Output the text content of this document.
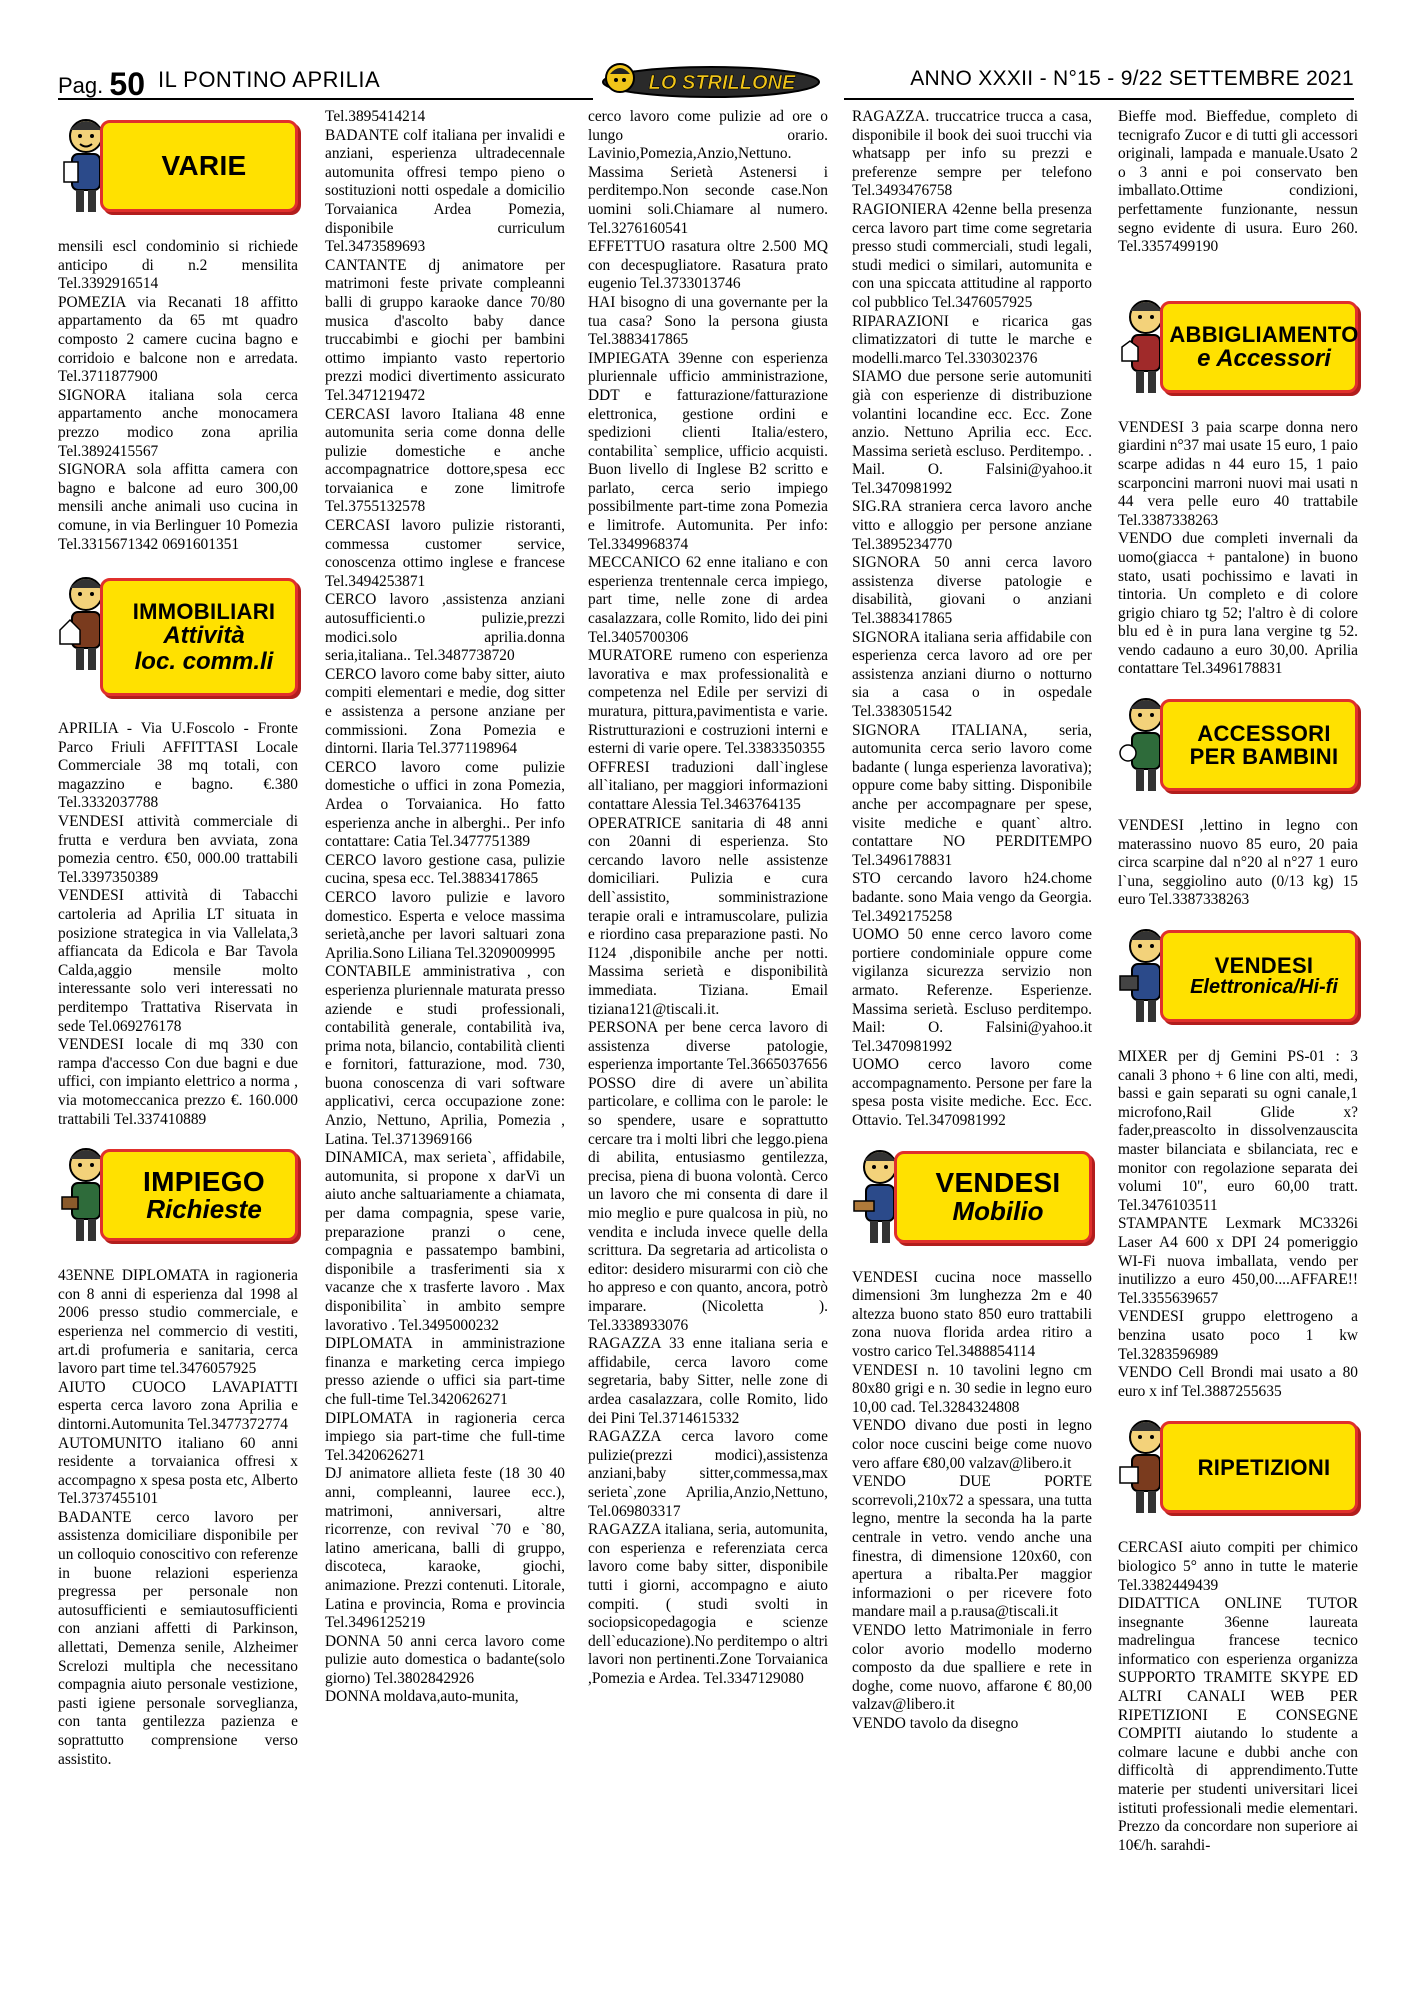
Pag. 50 IL PONTINO APRILIA	ANNO XXXII - N°15 - 9/22 SETTEMBRE 2021
LO STRILLONE
VARIE

mensili escl condominio si richiede anticipo di n.2 mensilita Tel.3392916514

POMEZIA via Recanati 18 affitto appartamento da 65 mt quadro composto 2 camere cucina bagno e corridoio e balcone non e arredata. Tel.3711877900

SIGNORA italiana sola cerca appartamento anche monocamera prezzo modico zona aprilia Tel.3892415567

SIGNORA sola affitta camera con bagno e balcone ad euro 300,00 mensili anche animali uso cucina in comune, in via Berlinguer 10 Pomezia Tel.3315671342 0691601351

IMMOBILIARI
Attività
loc. comm.li

APRILIA - Via U.Foscolo - Fronte Parco Friuli AFFITTASI Locale Commerciale 38 mq totali, con magazzino e bagno. €.380 Tel.3332037788

VENDESI attività commerciale di frutta e verdura ben avviata, zona pomezia centro. €50, 000.00 trattabili Tel.3397350389

VENDESI attività di Tabacchi cartoleria ad Aprilia LT situata in posizione strategica in via Vallelata,3 affiancata da Edicola e Bar Tavola Calda,aggio mensile molto interessante solo veri interessati no perditempo Trattativa Riservata in sede Tel.069276178

VENDESI locale di mq 330 con rampa d'accesso Con due bagni e due uffici, con impianto elettrico a norma , via motomeccanica prezzo €. 160.000 trattabili Tel.337410889

IMPIEGO
Richieste

43ENNE DIPLOMATA in ragioneria con 8 anni di esperienza dal 1998 al 2006 presso studio commerciale, e esperienza nel commercio di vestiti, art.di profumeria e sanitaria, cerca lavoro part time tel.3476057925

AIUTO CUOCO LAVAPIATTI esperta cerca lavoro zona Aprilia e dintorni.Automunita Tel.3477372774

AUTOMUNITO italiano 60 anni residente a torvaianica offresi x accompagno x spesa posta etc, Alberto Tel.3737455101

BADANTE cerco lavoro per assistenza domiciliare disponibile per un colloquio conoscitivo con referenze in buone relazioni esperienza pregressa per personale non autosufficienti e semiautosufficienti con anziani affetti di Parkinson, allettati, Demenza senile, Alzheimer Screlozi multipla che necessitano compagnia aiuto personale vestizione, pasti igiene personale sorveglianza, con tanta gentilezza pazienza e soprattutto comprensione verso assistito.

Tel.3895414214

BADANTE colf italiana per invalidi e anziani, esperienza ultradecennale automunita offresi tempo pieno o sostituzioni notti ospedale a domicilio Torvaianica Ardea Pomezia, disponibile curriculum Tel.3473589693

CANTANTE dj animatore per matrimoni feste private compleanni balli di gruppo karaoke dance 70/80 musica d'ascolto baby dance truccabimbi e giochi per bambini ottimo impianto vasto repertorio prezzi modici divertimento assicurato Tel.3471219472

CERCASI lavoro Italiana 48 enne automunita seria come donna delle pulizie domestiche e anche accompagnatrice dottore,spesa ecc torvaianica e zone limitrofe Tel.3755132578

CERCASI lavoro pulizie ristoranti, commessa customer service, conoscenza ottimo inglese e francese Tel.3494253871

CERCO lavoro ,assistenza anziani autosufficienti.o pulizie,prezzi modici.solo aprilia.donna seria,italiana.. Tel.3487738720

CERCO lavoro come baby sitter, aiuto compiti elementari e medie, dog sitter e assistenza a persone anziane per commissioni. Zona Pomezia e dintorni. Ilaria Tel.3771198964

CERCO lavoro come pulizie domestiche o uffici in zona Pomezia, Ardea o Torvaianica. Ho fatto esperienza anche in alberghi.. Per info contattare: Catia Tel.3477751389

CERCO lavoro gestione casa, pulizie cucina, spesa ecc. Tel.3883417865

CERCO lavoro pulizie e lavoro domestico. Esperta e veloce massima serietà,anche per lavori saltuari zona Aprilia.Sono Liliana Tel.3209009995

CONTABILE amministrativa , con esperienza pluriennale maturata presso aziende e studi professionali, contabilità generale, contabilità iva, prima nota, bilancio, contabilità clienti e fornitori, fatturazione, mod. 730, buona conoscenza di vari software applicativi, cerca occupazione zone: Anzio, Nettuno, Aprilia, Pomezia , Latina. Tel.3713969166

DINAMICA, max serieta`, affidabile, automunita, si propone x darVi un aiuto anche saltuariamente a chiamata, per dama compagnia, spese varie, preparazione pranzi o cene, compagnia e passatempo bambini, disponibile a trasferimenti sia x vacanze che x trasferte lavoro . Max disponibilita` in ambito sempre lavorativo . Tel.3495000232

DIPLOMATA in amministrazione finanza e marketing cerca impiego presso aziende o uffici sia part-time che full-time Tel.3420626271

DIPLOMATA in ragioneria cerca impiego sia part-time che full-time Tel.3420626271

DJ animatore allieta feste (18 30 40 anni, compleanni, lauree ecc.), matrimoni, anniversari, altre ricorrenze, con revival `70 e `80, latino americana, balli di gruppo, discoteca, karaoke, giochi, animazione. Prezzi contenuti. Litorale, Latina e provincia, Roma e provincia Tel.3496125219

DONNA 50 anni cerca lavoro come pulizie auto domestica o badante(solo giorno) Tel.3802842926

DONNA moldava,auto-munita,

cerco lavoro come pulizie ad ore o lungo orario. Lavinio,Pomezia,Anzio,Nettuno. Massima Serietà Astenersi i perditempo.Non seconde case.Non uomini soli.Chiamare al numero. Tel.3276160541

EFFETTUO rasatura oltre 2.500 MQ con decespugliatore. Rasatura prato eugenio Tel.3733013746

HAI bisogno di una governante per la tua casa? Sono la persona giusta Tel.3883417865

IMPIEGATA 39enne con esperienza pluriennale ufficio amministrazione, DDT e fatturazione/fatturazione elettronica, gestione ordini e spedizioni clienti Italia/estero, contabilita` semplice, ufficio acquisti. Buon livello di Inglese B2 scritto e parlato, cerca serio impiego possibilmente part-time zona Pomezia e limitrofe. Automunita. Per info: Tel.3349968374

MECCANICO 62 enne italiano e con esperienza trentennale cerca impiego, part time, nelle zone di ardea casalazzara, colle Romito, lido dei pini Tel.3405700306

MURATORE rumeno con esperienza lavorativa e max professionalità e competenza nel Edile per servizi di muratura, pittura,pavimentista e varie. Ristrutturazioni e costruzioni interni e esterni di varie opere. Tel.3383350355

OFFRESI traduzioni dall`inglese all`italiano, per maggiori informazioni contattare Alessia Tel.3463764135

OPERATRICE sanitaria di 48 anni con 20anni di esperienza. Sto cercando lavoro nelle assistenze domiciliari. Pulizia e cura dell`assistito, somministrazione terapie orali e intramuscolare, pulizia e riordino casa preparazione pasti. No I124 ,disponibile anche per notti. Massima serietà e disponibilità immediata. Tiziana. Email tiziana121@tiscali.it.

PERSONA per bene cerca lavoro di assistenza diverse patologie, esperienza importante Tel.3665037656

POSSO dire di avere un`abilita particolare, e collima con le parole: le so spendere, usare e soprattutto cercare tra i molti libri che leggo.piena di abilita, entusiasmo gentilezza, precisa, piena di buona volontà. Cerco un lavoro che mi consenta di dare il mio meglio e pure qualcosa in più, no vendita e includa invece quelle della scrittura. Da segretaria ad articolista o editor: desidero misurarmi con ciò che ho appreso e con quanto, ancora, potrò imparare. (Nicoletta ). Tel.3338933076

RAGAZZA 33 enne italiana seria e affidabile, cerca lavoro come segretaria, baby Sitter, nelle zone di ardea casalazzara, colle Romito, lido dei Pini Tel.3714615332

RAGAZZA cerca lavoro come pulizie(prezzi modici),assistenza anziani,baby sitter,commessa,max serieta`,zone Aprilia,Anzio,Nettuno, Tel.069803317

RAGAZZA italiana, seria, automunita, con esperienza e referenziata cerca lavoro come baby sitter, disponibile tutti i giorni, accompagno e aiuto compiti. ( studi svolti in sociopsicopedagogia e scienze dell`educazione).No perditempo o altri lavori non pertinenti.Zone Torvaianica ,Pomezia e Ardea. Tel.3347129080

RAGAZZA. truccatrice trucca a casa, disponibile il book dei suoi trucchi via whatsapp per info su prezzi e preferenze sempre per telefono Tel.3493476758

RAGIONIERA 42enne bella presenza cerca lavoro part time come segretaria presso studi commerciali, studi legali, studi medici o similari, automunita e con una spiccata attitudine al rapporto col pubblico Tel.3476057925

RIPARAZIONI e ricarica gas climatizzatori di tutte le marche e modelli.marco Tel.330302376

SIAMO due persone serie automuniti già con esperienze di distribuzione volantini locandine ecc. Ecc. Zone anzio. Nettuno Aprilia ecc. Ecc. Massima serietà escluso. Perditempo. . Mail. O. Falsini@yahoo.it Tel.3470981992

SIG.RA straniera cerca lavoro anche vitto e alloggio per persone anziane Tel.3895234770

SIGNORA 50 anni cerca lavoro assistenza diverse patologie e disabilità, giovani o anziani Tel.3883417865

SIGNORA italiana seria affidabile con esperienza cerca lavoro ad ore per assistenza anziani diurno o notturno sia a casa o in ospedale Tel.3383051542

SIGNORA ITALIANA, seria, automunita cerca serio lavoro come badante ( lunga esperienza lavorativa); oppure come baby sitting. Disponibile anche per accompagnare per spese, visite mediche e quant` altro. contattare NO PERDITEMPO Tel.3496178831

STO cercando lavoro h24.chome badante. sono Maia vengo da Georgia. Tel.3492175258

UOMO 50 enne cerco lavoro come portiere condominiale oppure come vigilanza sicurezza servizio non armato. Referenze. Esperienze. Massima serietà. Escluso perditempo. Mail: O. Falsini@yahoo.it Tel.3470981992

UOMO cerco lavoro come accompagnamento. Persone per fare la spesa posta visite mediche. Ecc. Ecc. Ottavio. Tel.3470981992

VENDESI
Mobilio

VENDESI cucina noce massello dimensioni 3m lunghezza 2m e 40 altezza buono stato 850 euro trattabili zona nuova florida ardea ritiro a vostro carico Tel.3488854114

VENDESI n. 10 tavolini legno cm 80x80 grigi e n. 30 sedie in legno euro 10,00 cad. Tel.3284324808

VENDO divano due posti in legno color noce cuscini beige come nuovo vero affare €80,00 valzav@libero.it

VENDO DUE PORTE scorrevoli,210x72 a spessara, una tutta legno, mentre la seconda ha la parte centrale in vetro. vendo anche una finestra, di dimensione 120x60, con apertura a ribalta.Per maggior informazioni o per ricevere foto mandare mail a p.rausa@tiscali.it

VENDO letto Matrimoniale in ferro color avorio modello moderno composto da due spalliere e rete in doghe, come nuovo, affarone € 80,00 valzav@libero.it

VENDO tavolo da disegno

Bieffe mod. Bieffedue, completo di tecnigrafo Zucor e di tutti gli accessori originali, lampada e manuale.Usato 2 o 3 anni e poi conservato ben imballato.Ottime condizioni, perfettamente funzionante, nessun segno evidente di usura. Euro 260. Tel.3357499190

ABBIGLIAMENTO
e Accessori

VENDESI 3 paia scarpe donna nero giardini n°37 mai usate 15 euro, 1 paio scarpe adidas n 44 euro 15, 1 paio scarponcini marroni nuovi mai usati n 44 vera pelle euro 40 trattabile Tel.3387338263

VENDO due completi invernali da uomo(giacca + pantalone) in buono stato, usati pochissimo e lavati in tintoria. Un completo e di colore grigio chiaro tg 52; l'altro è di colore blu ed è in pura lana vergine tg 52. vendo cadauno a euro 30,00. Aprilia contattare Tel.3496178831

ACCESSORI
PER BAMBINI

VENDESI ,lettino in legno con materassino nuovo 85 euro, 20 paia circa scarpine dal n°20 al n°27 1 euro l`una, seggiolino auto (0/13 kg) 15 euro Tel.3387338263

VENDESI
Elettronica/Hi-fi

MIXER per dj Gemini PS-01 : 3 canali 3 phono + 6 line con alti, medi, bassi e gain separati su ogni canale,1 microfono,Rail Glide x?fader,preascolto in dissolvenzauscita master bilanciata e sbilanciata, rec e monitor con regolazione separata dei volumi 10", euro 60,00 tratt. Tel.3476103511

STAMPANTE Lexmark MC3326i Laser A4 600 x DPI 24 pomeriggio WI-Fi nuova imballata, vendo per inutilizzo a euro 450,00....AFFARE!! Tel.3355639657

VENDESI gruppo elettrogeno a benzina usato poco 1 kw Tel.3283596989

VENDO Cell Brondi mai usato a 80 euro x inf Tel.3887255635

RIPETIZIONI

CERCASI aiuto compiti per chimico biologico 5° anno in tutte le materie Tel.3382449439

DIDATTICA ONLINE TUTOR insegnante 36enne laureata madrelingua francese tecnico informatico con esperienza organizza SUPPORTO TRAMITE SKYPE ED ALTRI CANALI WEB PER RIPETIZIONI E CONSEGNE COMPITI aiutando lo studente a colmare lacune e dubbi anche con difficoltà di apprendimento.Tutte materie per studenti universitari licei istituti professionali medie elementari. Prezzo da concordare non superiore ai 10€/h. sarahdi-
